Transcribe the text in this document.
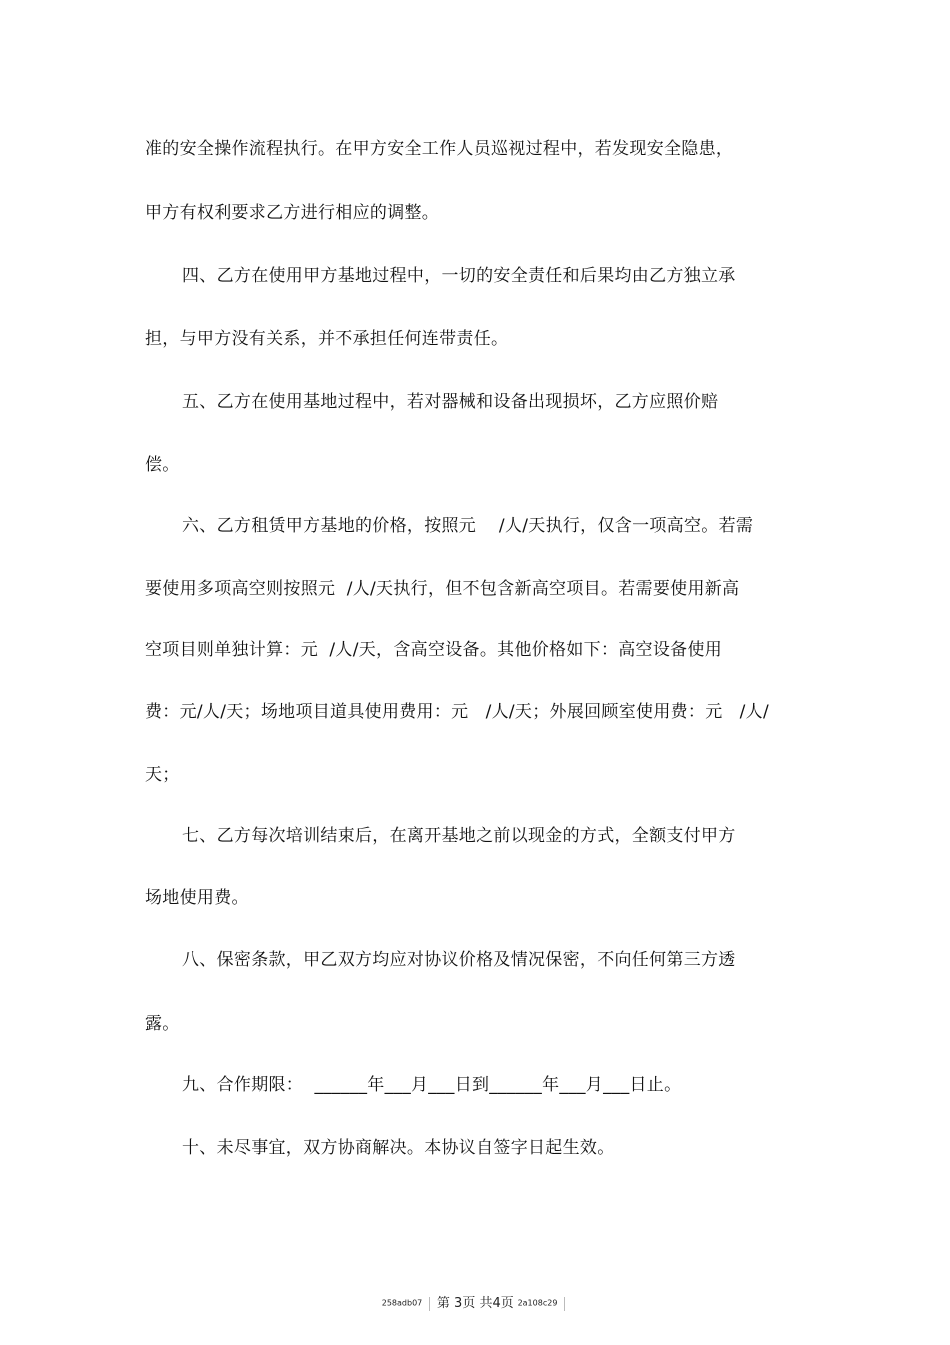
准的安全操作流程执行。在甲方安全工作人员巡视过程中，若发现安全隐患，
甲方有权利要求乙方进行相应的调整。
四、乙方在使用甲方基地过程中，一切的安全责任和后果均由乙方独立承
担，与甲方没有关系，并不承担任何连带责任。
五、乙方在使用基地过程中，若对器械和设备出现损坏，乙方应照价赔
偿。
六、乙方租赁甲方基地的价格，按照元    /人/天执行，仅含一项高空。若需
要使用多项高空则按照元  /人/天执行，但不包含新高空项目。若需要使用新高
空项目则单独计算：元  /人/天，含高空设备。其他价格如下：高空设备使用
费：元/人/天；场地项目道具使用费用：元   /人/天；外展回顾室使用费：元   /人/
天；
七、乙方每次培训结束后，在离开基地之前以现金的方式，全额支付甲方
场地使用费。
八、保密条款，甲乙双方均应对协议价格及情况保密，不向任何第三方透
露。
九、合作期限：  ______年___月___日到______年___月___日止。
十、未尽事宜，双方协商解决。本协议自签字日起生效。
258adb07 第 3页 共4页 2a108c29
